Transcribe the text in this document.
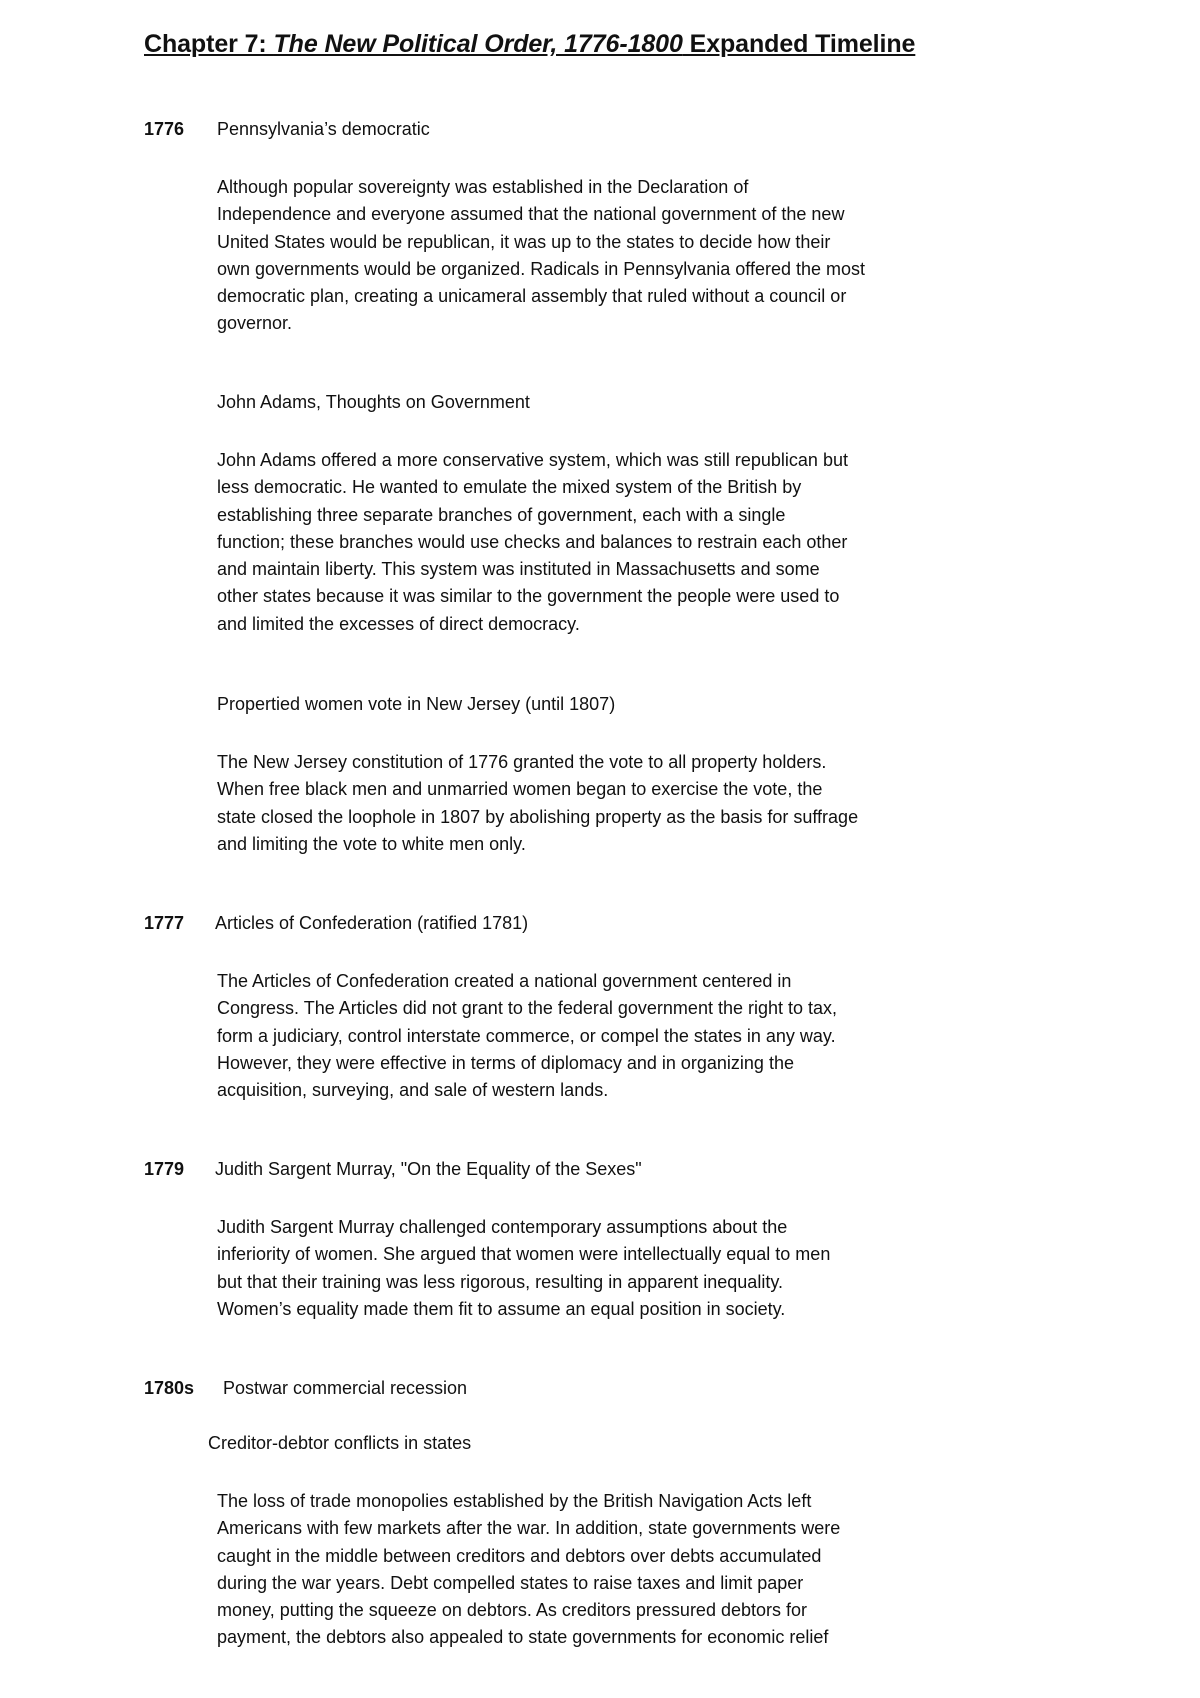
Chapter 7: The New Political Order, 1776-1800 Expanded Timeline
1776 Pennsylvania’s democratic
Although popular sovereignty was established in the Declaration of
Independence and everyone assumed that the national government of the new
United States would be republican, it was up to the states to decide how their
own governments would be organized. Radicals in Pennsylvania offered the most
democratic plan, creating a unicameral assembly that ruled without a council or
governor.
John Adams, Thoughts on Government
John Adams offered a more conservative system, which was still republican but
less democratic. He wanted to emulate the mixed system of the British by
establishing three separate branches of government, each with a single
function; these branches would use checks and balances to restrain each other
and maintain liberty. This system was instituted in Massachusetts and some
other states because it was similar to the government the people were used to
and limited the excesses of direct democracy.
Propertied women vote in New Jersey (until 1807)
The New Jersey constitution of 1776 granted the vote to all property holders.
When free black men and unmarried women began to exercise the vote, the
state closed the loophole in 1807 by abolishing property as the basis for suffrage
and limiting the vote to white men only.
1777 Articles of Confederation (ratified 1781)
The Articles of Confederation created a national government centered in
Congress. The Articles did not grant to the federal government the right to tax,
form a judiciary, control interstate commerce, or compel the states in any way.
However, they were effective in terms of diplomacy and in organizing the
acquisition, surveying, and sale of western lands.
1779 Judith Sargent Murray, "On the Equality of the Sexes"
Judith Sargent Murray challenged contemporary assumptions about the
inferiority of women. She argued that women were intellectually equal to men
but that their training was less rigorous, resulting in apparent inequality.
Women’s equality made them fit to assume an equal position in society.
1780s Postwar commercial recession
Creditor-debtor conflicts in states
The loss of trade monopolies established by the British Navigation Acts left
Americans with few markets after the war. In addition, state governments were
caught in the middle between creditors and debtors over debts accumulated
during the war years. Debt compelled states to raise taxes and limit paper
money, putting the squeeze on debtors. As creditors pressured debtors for
payment, the debtors also appealed to state governments for economic relief
